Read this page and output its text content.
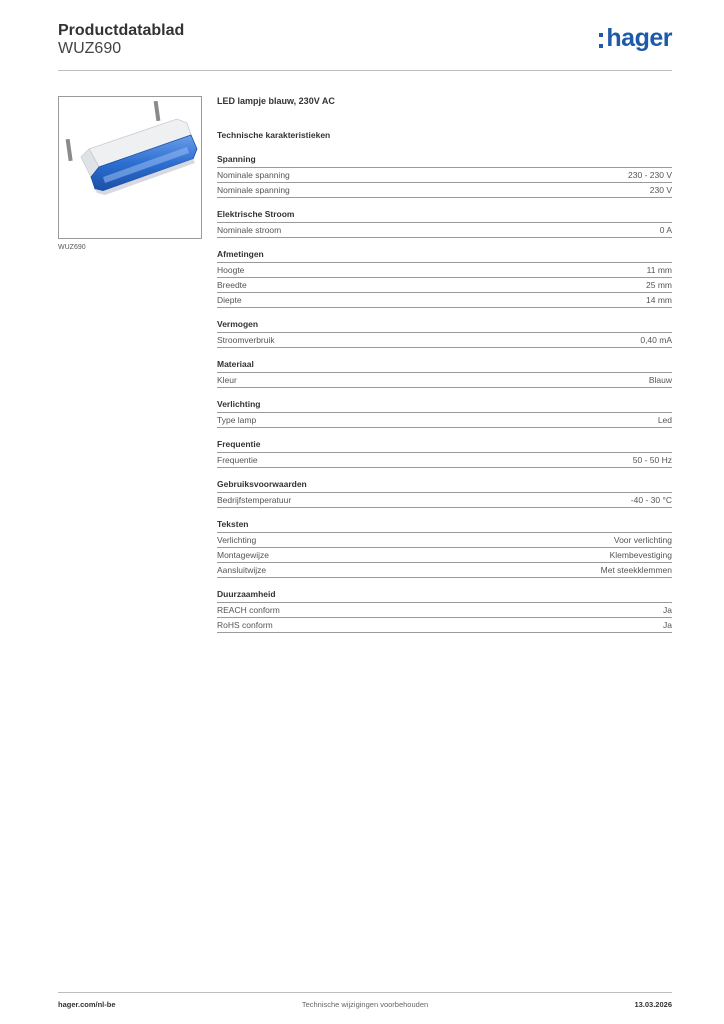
Productdatablad
WUZ690	hager
WUZ690
LED lampje blauw, 230V AC
Technische karakteristieken
Spanning
Nominale spanning	230 - 230 V
Nominale spanning	230 V
Elektrische Stroom
Nominale stroom	0 A
Afmetingen
Hoogte	11 mm
Breedte	25 mm
Diepte	14 mm
Vermogen
Stroomverbruik	0,40 mA
Materiaal
Kleur	Blauw
Verlichting
Type lamp	Led
Frequentie
Frequentie	50 - 50 Hz
Gebruiksvoorwaarden
Bedrijfstemperatuur	-40 - 30 °C
Teksten
Verlichting	Voor verlichting
Montagewijze	Klembevestiging
Aansluitwijze	Met steekklemmen
Duurzaamheid
REACH conform	Ja
RoHS conform	Ja
hager.com/nl-be	Technische wijzigingen voorbehouden	13.03.2026
